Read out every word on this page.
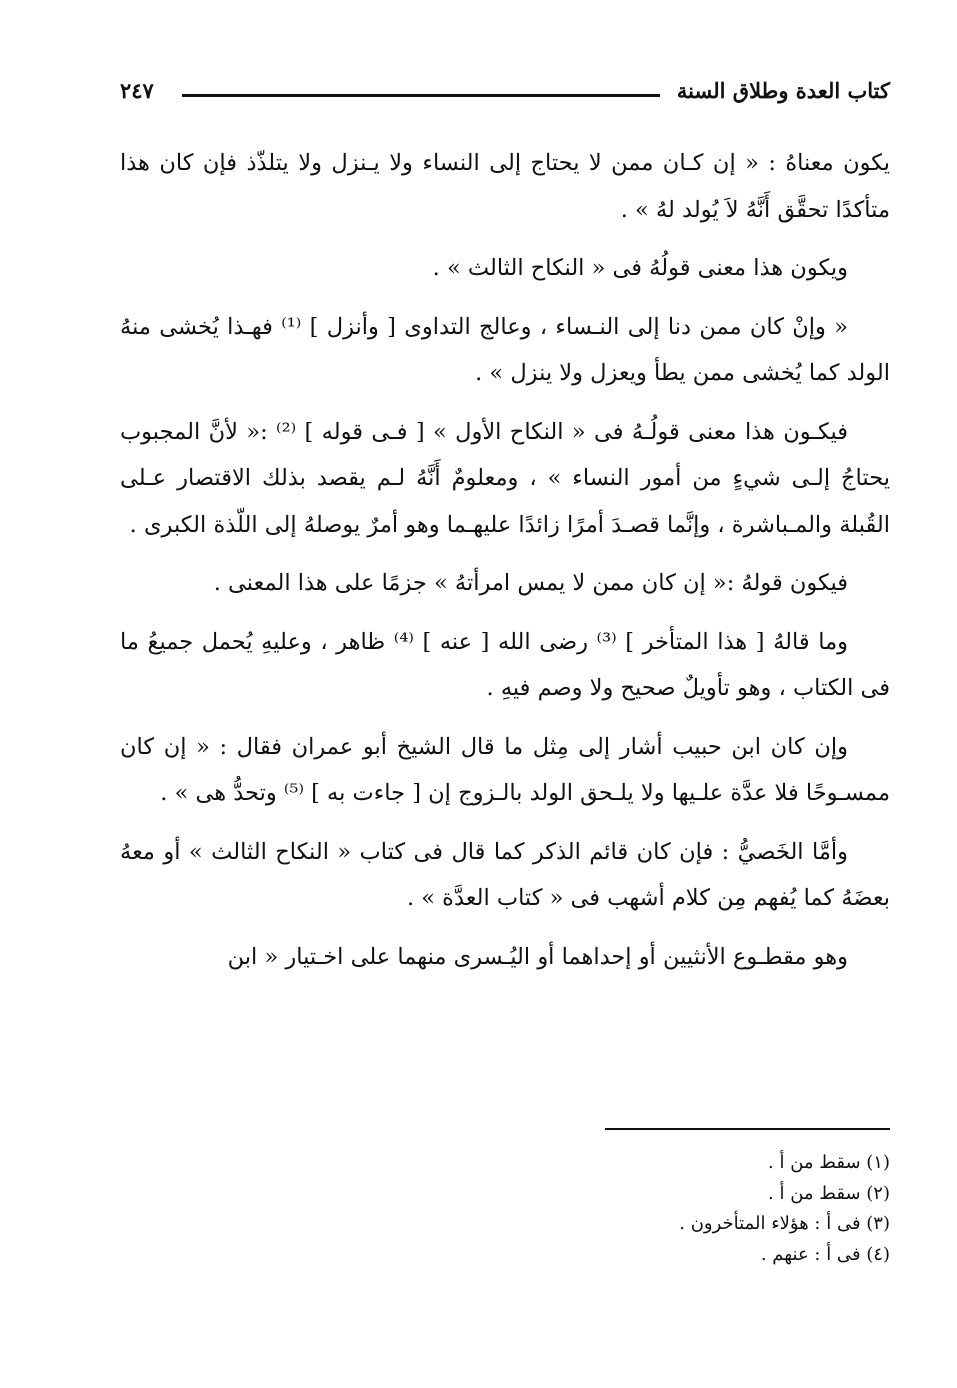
كتاب العدة وطلاق السنة
٢٤٧

يكون معناهُ : « إن كـان ممن لا يحتاج إلى النساء ولا يـنزل ولا يتلذّذ فإن كان هذا متأكدًا تحقَّق أَنَّهُ لاَ يُولد لهُ » .

ويكون هذا معنى قولُهُ فى « النكاح الثالث » .

« وإنْ كان ممن دنا إلى النـساء ، وعالج التداوى [ وأنزل ] ⁽¹⁾ فهـذا يُخشى منهُ الولد كما يُخشى ممن يطأ ويعزل ولا ينزل » .

فيكـون هذا معنى قولُـهُ فى « النكاح الأول » [ فـى قوله ] ⁽²⁾ :« لأنَّ المجبوب يحتاجُ إلـى شيءٍ من أمور النساء » ، ومعلومٌ أَنَّهُ لـم يقصد بذلك الاقتصار عـلى القُبلة والمـباشرة ، وإنَّما قصـدَ أمرًا زائدًا عليهـما وهو أمرٌ يوصلهُ إلى اللّذة الكبرى .

فيكون قولهُ :« إن كان ممن لا يمس امرأتهُ » جزمًا على هذا المعنى .

وما قالهُ [ هذا المتأخر ] ⁽³⁾ رضى الله [ عنه ] ⁽⁴⁾ ظاهر ، وعليهِ يُحمل جميعُ ما فى الكتاب ، وهو تأويلٌ صحيح ولا وصم فيهِ .

وإن كان ابن حبيب أشار إلى مِثل ما قال الشيخ أبو عمران فقال : « إن كان ممسـوحًا فلا عدَّة علـيها ولا يلـحق الولد بالـزوج إن [ جاءت به ] ⁽⁵⁾ وتحدُّ هى » .

وأمَّا الخَصيُّ : فإن كان قائم الذكر كما قال فى كتاب « النكاح الثالث » أو معهُ بعضَهُ كما يُفهم مِن كلام أشهب فى « كتاب العدَّة » .

وهو مقطـوع الأنثيين أو إحداهما أو اليُـسرى منهما على اخـتيار « ابن

(١) سقط من أ .
(٢) سقط من أ .
(٣) فى أ : هؤلاء المتأخرون .
(٤) فى أ : عنهم .
